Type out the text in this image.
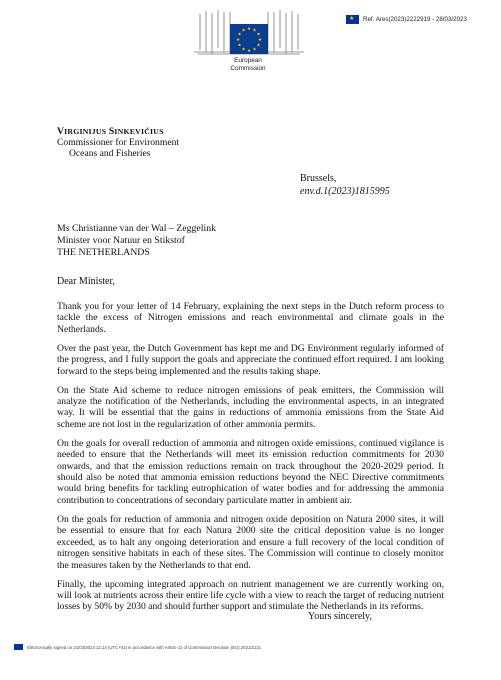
★
Ref. Ares(2023)2222919 - 28/03/2023
★ ★
★
★
★
★
★
★
★
★
★
★
European
Commission
VIRGINIJUS SINKEVIČIUS
Commissioner for Environment
Oceans and Fisheries
Brussels,
env.d.1(2023)1815995
Ms Christianne van der Wal – Zeggelink
Minister voor Natuur en Stikstof
THE NETHERLANDS
Dear Minister,

Thank you for your letter of 14 February, explaining the next steps in the Dutch reform process to tackle the excess of Nitrogen emissions and reach environmental and climate goals in the Netherlands.

Over the past year, the Dutch Government has kept me and DG Environment regularly informed of the progress, and I fully support the goals and appreciate the continued effort required. I am looking forward to the steps being implemented and the results taking shape.

On the State Aid scheme to reduce nitrogen emissions of peak emitters, the Commission will analyze the notification of the Netherlands, including the environmental aspects, in an integrated way. It will be essential that the gains in reductions of ammonia emissions from the State Aid scheme are not lost in the regularization of other ammonia permits.

On the goals for overall reduction of ammonia and nitrogen oxide emissions, continued vigilance is needed to ensure that the Netherlands will meet its emission reduction commitments for 2030 onwards, and that the emission reductions remain on track throughout the 2020-2029 period. It should also be noted that ammonia emission reductions beyond the NEC Directive commitments would bring benefits for tackling eutrophication of water bodies and for addressing the ammonia contribution to concentrations of secondary particulate matter in ambient air.

On the goals for reduction of ammonia and nitrogen oxide deposition on Natura 2000 sites, it will be essential to ensure that for each Natura 2000 site the critical deposition value is no longer exceeded, as to halt any ongoing deterioration and ensure a full recovery of the local condition of nitrogen sensitive habitats in each of these sites. The Commission will continue to closely monitor the measures taken by the Netherlands to that end.

Finally, the upcoming integrated approach on nutrient management we are currently working on, will look at nutrients across their entire life cycle with a view to reach the target of reducing nutrient losses by 50% by 2030 and should further support and stimulate the Netherlands in its reforms.

Yours sincerely,
Electronically signed on 21/03/2023 12:14 (UTC+01) in accordance with Article 11 of Commission Decision (EU) 2021/2121
